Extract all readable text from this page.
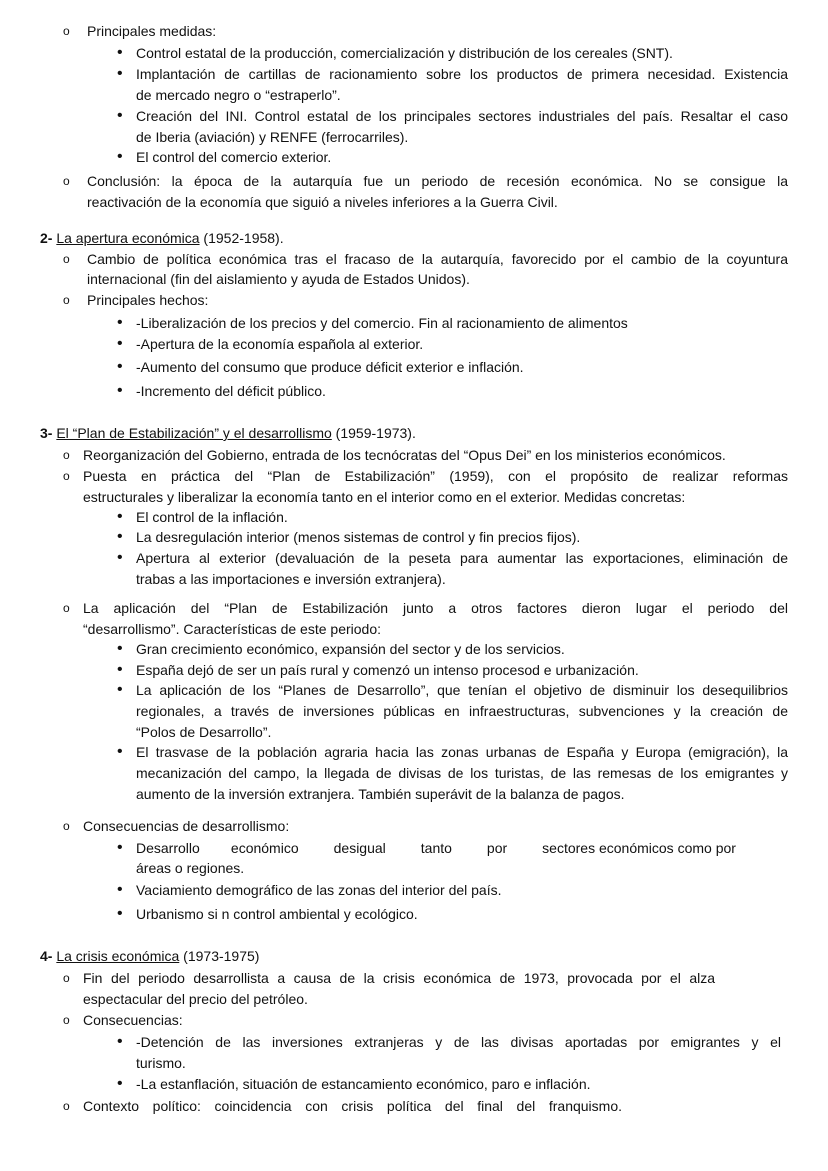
o Principales medidas:
• Control estatal de la producción, comercialización y distribución de los cereales (SNT).
• Implantación de cartillas de racionamiento sobre los productos de primera necesidad. Existencia
de mercado negro o “estraperlo”.
• Creación del INI. Control estatal de los principales sectores industriales del país. Resaltar el caso
de Iberia (aviación) y RENFE (ferrocarriles).
• El control del comercio exterior.
o Conclusión: la época de la autarquía fue un periodo de recesión económica. No se consigue la
reactivación de la economía que siguió a niveles inferiores a la Guerra Civil.
2- La apertura económica (1952-1958).
o Cambio de política económica tras el fracaso de la autarquía, favorecido por el cambio de la coyuntura
internacional (fin del aislamiento y ayuda de Estados Unidos).
o Principales hechos:
• -Liberalización de los precios y del comercio. Fin al racionamiento de alimentos
• -Apertura de la economía española al exterior.
• -Aumento del consumo que produce déficit exterior e inflación.
• -Incremento del déficit público.
3- El “Plan de Estabilización” y el desarrollismo (1959-1973).
o Reorganización del Gobierno, entrada de los tecnócratas del “Opus Dei” en los ministerios económicos.
o Puesta en práctica del “Plan de Estabilización” (1959), con el propósito de realizar reformas
estructurales y liberalizar la economía tanto en el interior como en el exterior. Medidas concretas:
• El control de la inflación.
• La desregulación interior (menos sistemas de control y fin precios fijos).
• Apertura al exterior (devaluación de la peseta para aumentar las exportaciones, eliminación de
trabas a las importaciones e inversión extranjera).
o La aplicación del “Plan de Estabilización junto a otros factores dieron lugar el periodo del
“desarrollismo”. Características de este periodo:
• Gran crecimiento económico, expansión del sector y de los servicios.
• España dejó de ser un país rural y comenzó un intenso procesod e urbanización.
• La aplicación de los “Planes de Desarrollo”, que tenían el objetivo de disminuir los desequilibrios
regionales, a través de inversiones públicas en infraestructuras, subvenciones y la creación de
“Polos de Desarrollo”.
• El trasvase de la población agraria hacia las zonas urbanas de España y Europa (emigración), la
mecanización del campo, la llegada de divisas de los turistas, de las remesas de los emigrantes y
aumento de la inversión extranjera. También superávit de la balanza de pagos.
o Consecuencias de desarrollismo:
• Desarrollo        económico         desigual         tanto         por         sectores económicos como por
áreas o regiones.
• Vaciamiento demográfico de las zonas del interior del país.
• Urbanismo si n control ambiental y ecológico.
4- La crisis económica (1973-1975)
o Fin del periodo desarrollista a causa de la crisis económica de 1973, provocada por el alza
espectacular del precio del petróleo.
o Consecuencias:
• -Detención de las inversiones extranjeras y de las divisas aportadas por emigrantes y el
turismo.
• -La estanflación, situación de estancamiento económico, paro e inflación.
o Contexto político: coincidencia con crisis política del final del franquismo.
